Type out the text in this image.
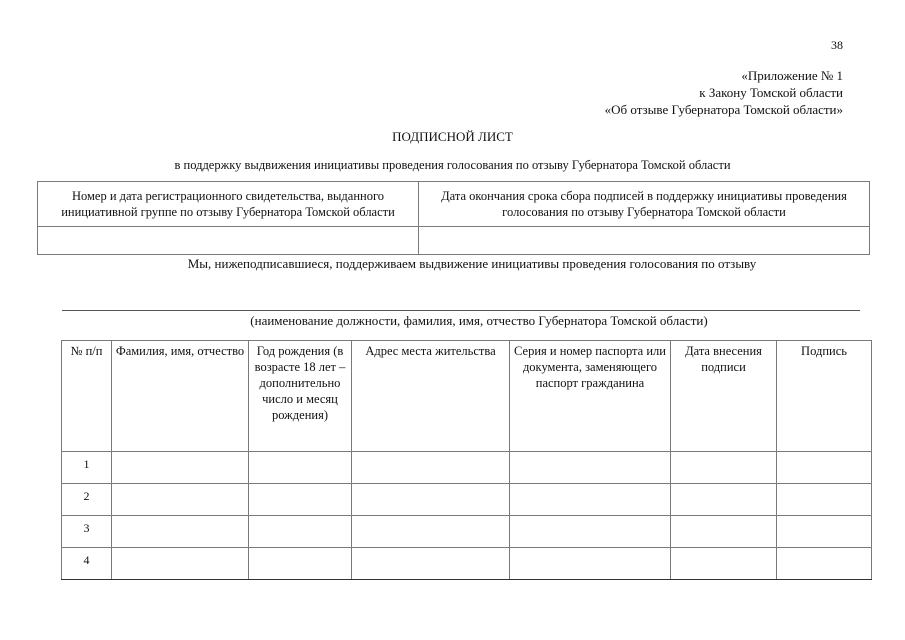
38
«Приложение № 1
к Закону Томской области
«Об отзыве Губернатора Томской области»
ПОДПИСНОЙ ЛИСТ
в поддержку выдвижения инициативы проведения голосования по отзыву Губернатора Томской области
Номер и дата регистрационного свидетельства, выданного инициативной группе по отзыву Губернатора Томской области	Дата окончания срока сбора подписей в поддержку инициативы проведения голосования по отзыву Губернатора Томской области

Мы, нижеподписавшиеся, поддерживаем выдвижение инициативы проведения голосования по отзыву
(наименование должности, фамилия, имя, отчество Губернатора Томской области)
№ п/п	Фамилия, имя, отчество	Год рождения (в возрасте 18 лет – дополнительно число и месяц рождения)	Адрес места жительства	Серия и номер паспорта или документа, заменяющего паспорт гражданина	Дата внесения подписи	Подпись
1						
2						
3						
4						
